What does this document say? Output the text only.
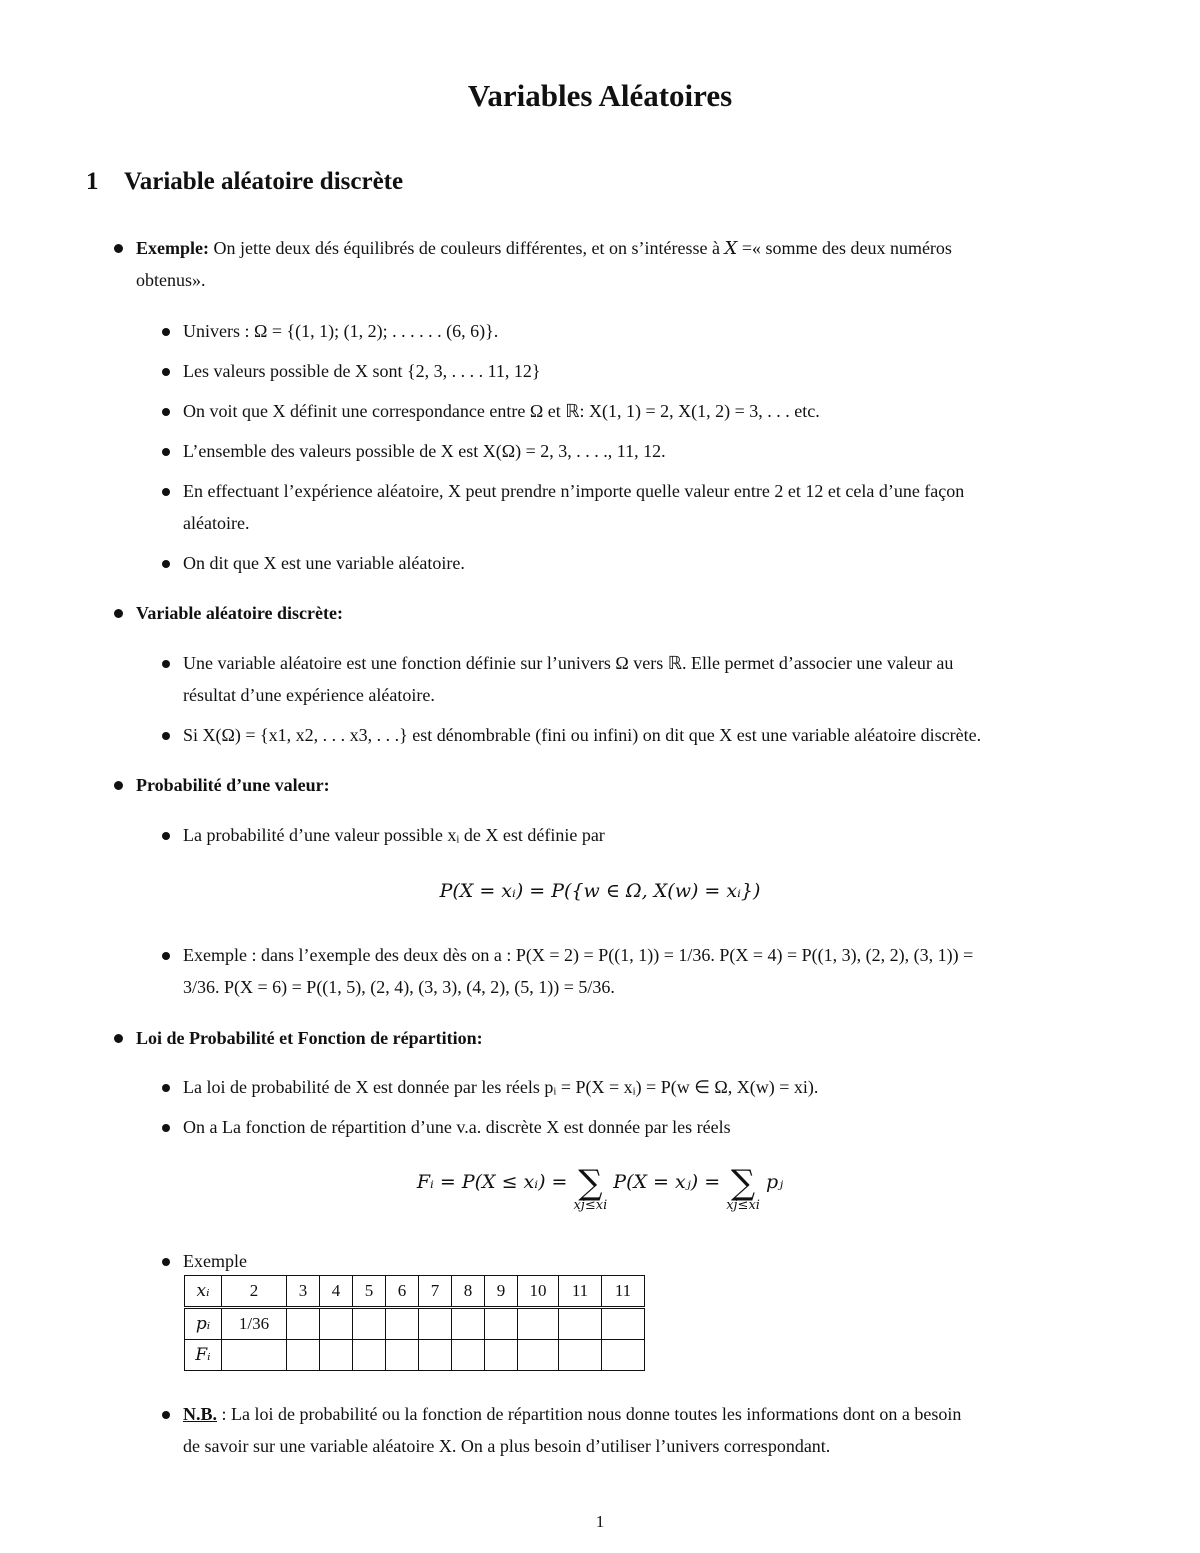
Variables Aléatoires
1 Variable aléatoire discrète
Exemple: On jette deux dés équilibrés de couleurs différentes, et on s’intéresse à X =« somme des deux numéros
obtenus».
Univers : Ω = {(1, 1); (1, 2); . . . . . . (6, 6)}.
Les valeurs possible de X sont {2, 3, . . . . 11, 12}
On voit que X définit une correspondance entre Ω et ℝ: X(1, 1) = 2, X(1, 2) = 3, . . . etc.
L’ensemble des valeurs possible de X est X(Ω) = 2, 3, . . . ., 11, 12.
En effectuant l’expérience aléatoire, X peut prendre n’importe quelle valeur entre 2 et 12 et cela d’une façon
aléatoire.
On dit que X est une variable aléatoire.
Variable aléatoire discrète:
Une variable aléatoire est une fonction définie sur l’univers Ω vers ℝ. Elle permet d’associer une valeur au
résultat d’une expérience aléatoire.
Si X(Ω) = {x1, x2, . . . x3, . . .} est dénombrable (fini ou infini) on dit que X est une variable aléatoire discrète.
Probabilité d’une valeur:
La probabilité d’une valeur possible xᵢ de X est définie par
P(X = xᵢ) = P({w ∈ Ω, X(w) = xᵢ})
Exemple : dans l’exemple des deux dès on a : P(X = 2) = P((1, 1)) = 1/36. P(X = 4) = P((1, 3), (2, 2), (3, 1)) =
3/36. P(X = 6) = P((1, 5), (2, 4), (3, 3), (4, 2), (5, 1)) = 5/36.
Loi de Probabilité et Fonction de répartition:
La loi de probabilité de X est donnée par les réels pᵢ = P(X = xᵢ) = P(w ∈ Ω, X(w) = xi).
On a La fonction de répartition d’une v.a. discrète X est donnée par les réels
Fᵢ = P(X ≤ xᵢ) = ∑
xj≤xi
P(X = xⱼ) = ∑
xj≤xi
pⱼ
Exemple
xᵢ	2	3	4	5	6	7	8	9	10	11	11
pᵢ	1/36										
Fᵢ											
N.B. : La loi de probabilité ou la fonction de répartition nous donne toutes les informations dont on a besoin
de savoir sur une variable aléatoire X. On a plus besoin d’utiliser l’univers correspondant.
1
